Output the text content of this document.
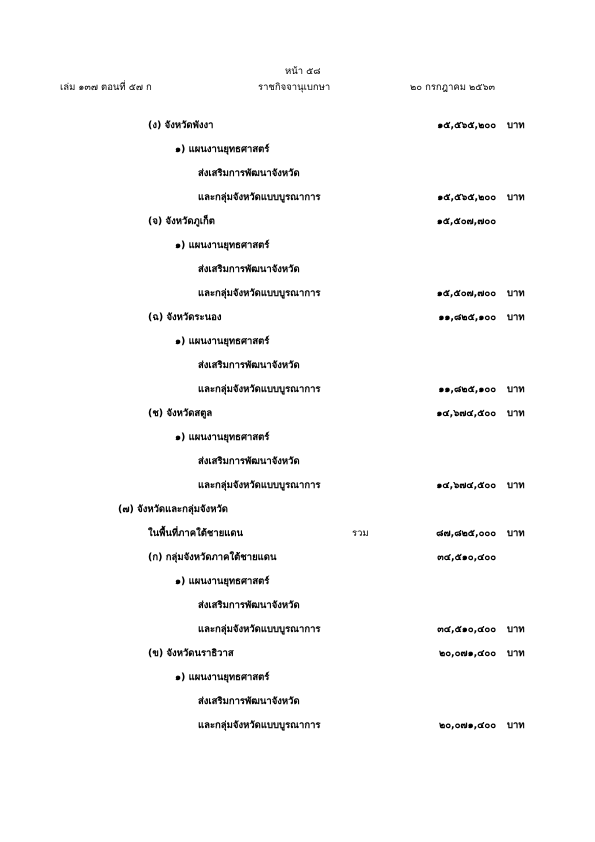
หน้า ๕๘
เล่ม ๑๓๗ ตอนที่ ๕๗ ก	ราชกิจจานุเบกษา	๒๐ กรกฎาคม ๒๕๖๓
(ง) จังหวัดพังงา	๑๕,๕๖๕,๒๐๐ บาท
๑) แผนงานยุทธศาสตร์
ส่งเสริมการพัฒนาจังหวัด
และกลุ่มจังหวัดแบบบูรณาการ	๑๕,๕๖๕,๒๐๐ บาท
(จ) จังหวัดภูเก็ต	๑๕,๕๐๗,๗๐๐
๑) แผนงานยุทธศาสตร์
ส่งเสริมการพัฒนาจังหวัด
และกลุ่มจังหวัดแบบบูรณาการ	๑๕,๕๐๗,๗๐๐ บาท
(ฉ) จังหวัดระนอง	๑๑,๘๒๕,๑๐๐ บาท
๑) แผนงานยุทธศาสตร์
ส่งเสริมการพัฒนาจังหวัด
และกลุ่มจังหวัดแบบบูรณาการ	๑๑,๘๒๕,๑๐๐ บาท
(ช) จังหวัดสตูล	๑๔,๖๗๔,๕๐๐ บาท
๑) แผนงานยุทธศาสตร์
ส่งเสริมการพัฒนาจังหวัด
และกลุ่มจังหวัดแบบบูรณาการ	๑๔,๖๗๔,๕๐๐ บาท
(๗) จังหวัดและกลุ่มจังหวัด
ในพื้นที่ภาคใต้ชายแดน	รวม	๘๗,๘๒๕,๐๐๐ บาท
(ก) กลุ่มจังหวัดภาคใต้ชายแดน	๓๔,๕๑๐,๔๐๐
๑) แผนงานยุทธศาสตร์
ส่งเสริมการพัฒนาจังหวัด
และกลุ่มจังหวัดแบบบูรณาการ	๓๔,๕๑๐,๔๐๐ บาท
(ข) จังหวัดนราธิวาส	๒๐,๐๗๑,๔๐๐ บาท
๑) แผนงานยุทธศาสตร์
ส่งเสริมการพัฒนาจังหวัด
และกลุ่มจังหวัดแบบบูรณาการ	๒๐,๐๗๑,๔๐๐ บาท
